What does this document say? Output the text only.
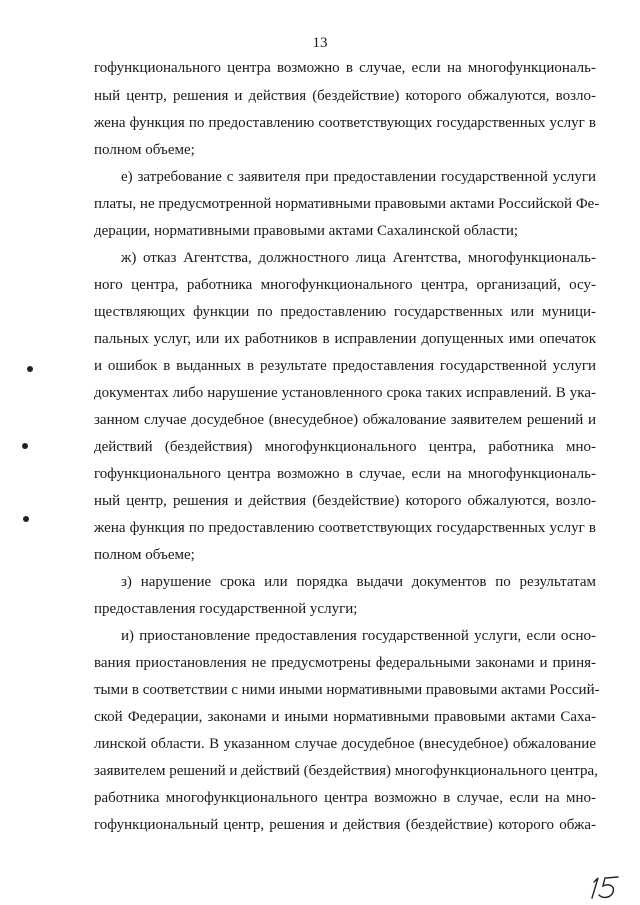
13
гофункционального центра возможно в случае, если на многофункциональ-
ный центр, решения и действия (бездействие) которого обжалуются, возло-
жена функция по предоставлению соответствующих государственных услуг в
полном объеме;
е) затребование с заявителя при предоставлении государственной услуги
платы, не предусмотренной нормативными правовыми актами Российской Фе-
дерации, нормативными правовыми актами Сахалинской области;
ж) отказ Агентства, должностного лица Агентства, многофункциональ-
ного центра, работника многофункционального центра, организаций, осу-
ществляющих функции по предоставлению государственных или муници-
пальных услуг, или их работников в исправлении допущенных ими опечаток
и ошибок в выданных в результате предоставления государственной услуги
документах либо нарушение установленного срока таких исправлений. В ука-
занном случае досудебное (внесудебное) обжалование заявителем решений и
действий (бездействия) многофункционального центра, работника мно-
гофункционального центра возможно в случае, если на многофункциональ-
ный центр, решения и действия (бездействие) которого обжалуются, возло-
жена функция по предоставлению соответствующих государственных услуг в
полном объеме;
з) нарушение срока или порядка выдачи документов по результатам
предоставления государственной услуги;
и) приостановление предоставления государственной услуги, если осно-
вания приостановления не предусмотрены федеральными законами и приня-
тыми в соответствии с ними иными нормативными правовыми актами Россий-
ской Федерации, законами и иными нормативными правовыми актами Саха-
линской области. В указанном случае досудебное (внесудебное) обжалование
заявителем решений и действий (бездействия) многофункционального центра,
работника многофункционального центра возможно в случае, если на мно-
гофункциональный центр, решения и действия (бездействие) которого обжа-
